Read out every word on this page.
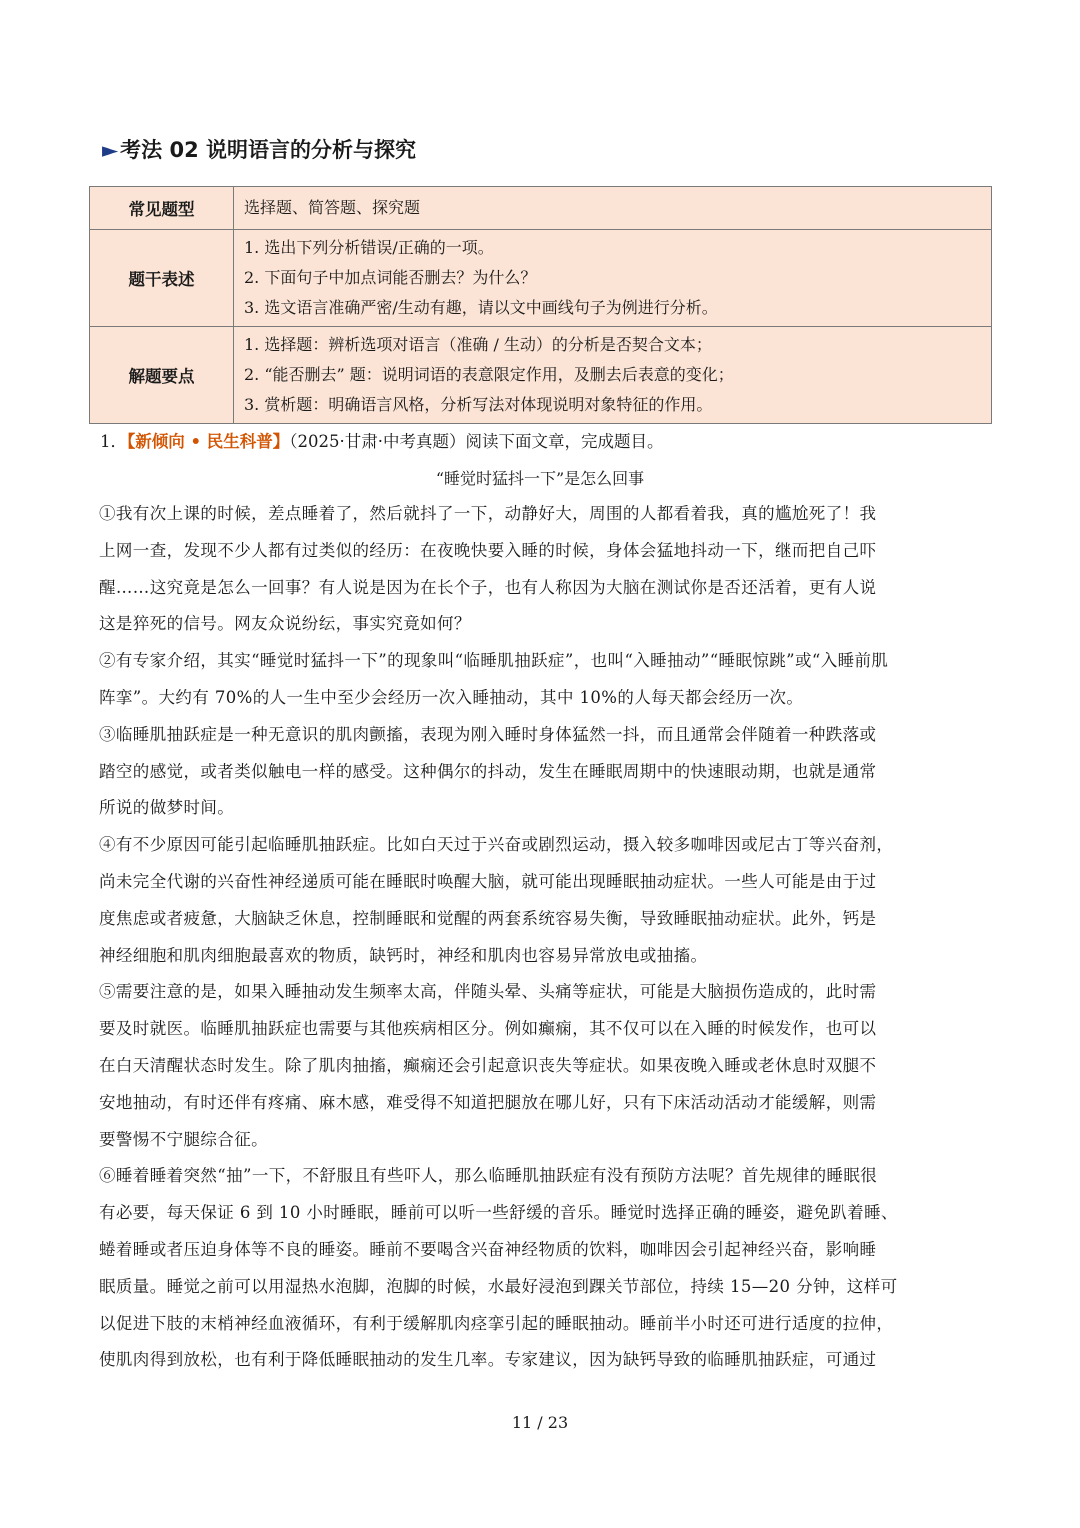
►考法 02 说明语言的分析与探究
常见题型	选择题、简答题、探究题

题干表述	1. 选出下列分析错误/正确的一项。
2. 下面句子中加点词能否删去？为什么？
3. 选文语言准确严密/生动有趣，请以文中画线句子为例进行分析。

解题要点	1. 选择题：辨析选项对语言（准确 / 生动）的分析是否契合文本；
2. “能否删去” 题：说明词语的表意限定作用，及删去后表意的变化；
3. 赏析题：明确语言风格，分析写法对体现说明对象特征的作用。
1．【新倾向 • 民生科普】（2025·甘肃·中考真题）阅读下面文章，完成题目。
“睡觉时猛抖一下”是怎么回事
①我有次上课的时候，差点睡着了，然后就抖了一下，动静好大，周围的人都看着我，真的尴尬死了！我
上网一查，发现不少人都有过类似的经历：在夜晚快要入睡的时候，身体会猛地抖动一下，继而把自己吓
醒……这究竟是怎么一回事？有人说是因为在长个子，也有人称因为大脑在测试你是否还活着，更有人说
这是猝死的信号。网友众说纷纭，事实究竟如何？
②有专家介绍，其实“睡觉时猛抖一下”的现象叫“临睡肌抽跃症”，也叫“入睡抽动”“睡眠惊跳”或“入睡前肌
阵挛”。大约有 70%的人一生中至少会经历一次入睡抽动，其中 10%的人每天都会经历一次。
③临睡肌抽跃症是一种无意识的肌肉颤搐，表现为刚入睡时身体猛然一抖，而且通常会伴随着一种跌落或
踏空的感觉，或者类似触电一样的感受。这种偶尔的抖动，发生在睡眠周期中的快速眼动期，也就是通常
所说的做梦时间。
④有不少原因可能引起临睡肌抽跃症。比如白天过于兴奋或剧烈运动，摄入较多咖啡因或尼古丁等兴奋剂，
尚未完全代谢的兴奋性神经递质可能在睡眠时唤醒大脑，就可能出现睡眠抽动症状。一些人可能是由于过
度焦虑或者疲惫，大脑缺乏休息，控制睡眠和觉醒的两套系统容易失衡，导致睡眠抽动症状。此外，钙是
神经细胞和肌肉细胞最喜欢的物质，缺钙时，神经和肌肉也容易异常放电或抽搐。
⑤需要注意的是，如果入睡抽动发生频率太高，伴随头晕、头痛等症状，可能是大脑损伤造成的，此时需
要及时就医。临睡肌抽跃症也需要与其他疾病相区分。例如癫痫，其不仅可以在入睡的时候发作，也可以
在白天清醒状态时发生。除了肌肉抽搐，癫痫还会引起意识丧失等症状。如果夜晚入睡或老休息时双腿不
安地抽动，有时还伴有疼痛、麻木感，难受得不知道把腿放在哪儿好，只有下床活动活动才能缓解，则需
要警惕不宁腿综合征。
⑥睡着睡着突然“抽”一下，不舒服且有些吓人，那么临睡肌抽跃症有没有预防方法呢？首先规律的睡眠很
有必要，每天保证 6 到 10 小时睡眠，睡前可以听一些舒缓的音乐。睡觉时选择正确的睡姿，避免趴着睡、
蜷着睡或者压迫身体等不良的睡姿。睡前不要喝含兴奋神经物质的饮料，咖啡因会引起神经兴奋，影响睡
眠质量。睡觉之前可以用湿热水泡脚，泡脚的时候，水最好浸泡到踝关节部位，持续 15—20 分钟，这样可
以促进下肢的末梢神经血液循环，有利于缓解肌肉痉挛引起的睡眠抽动。睡前半小时还可进行适度的拉伸，
使肌肉得到放松，也有利于降低睡眠抽动的发生几率。专家建议，因为缺钙导致的临睡肌抽跃症，可通过
11 / 23
